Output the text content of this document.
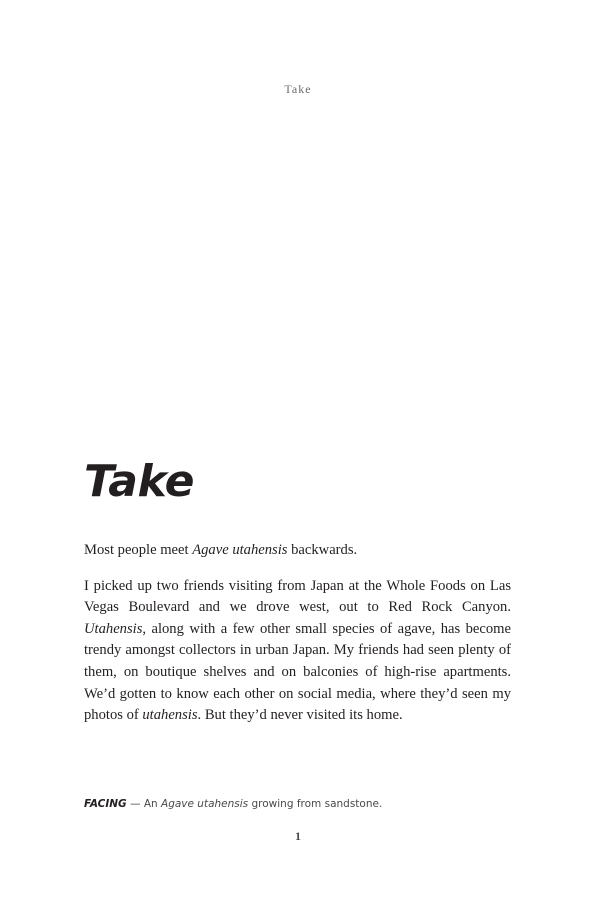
Take
Take

Most people meet Agave utahensis backwards.

I picked up two friends visiting from Japan at the Whole Foods on Las Vegas Boulevard and we drove west, out to Red Rock Canyon. Utahensis, along with a few other small species of agave, has become trendy amongst collectors in urban Japan. My friends had seen plenty of them, on boutique shelves and on balconies of high-rise apartments. We’d gotten to know each other on social media, where they’d seen my photos of utahensis. But they’d never visited its home.

FACING — An Agave utahensis growing from sandstone.
1
